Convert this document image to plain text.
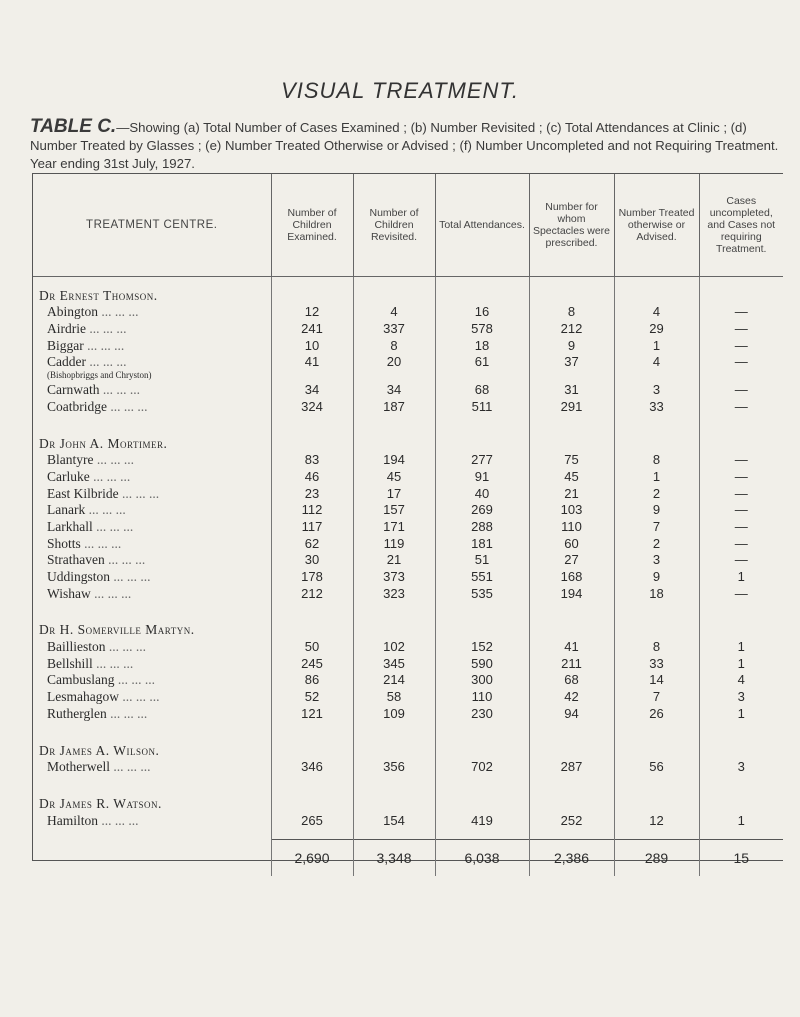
VISUAL TREATMENT.
TABLE C.—Showing (a) Total Number of Cases Examined ; (b) Number Revisited ; (c) Total Attendances at Clinic ; (d) Number Treated by Glasses ; (e) Number Treated Otherwise or Advised ; (f) Number Uncompleted and not Requiring Treatment. Year ending 31st July, 1927.
TREATMENT CENTRE.	Number of Children Examined.	Number of Children Revisited.	Total Attendances.	Number for whom Spectacles were prescribed.	Number Treated otherwise or Advised.	Cases uncompleted, and Cases not requiring Treatment.

Dr Ernest Thomson.						
Abington ... ... ...	12	4	16	8	4	—
Airdrie ... ... ...	241	337	578	212	29	—
Biggar ... ... ...	10	8	18	9	1	—
Cadder ... ... ...	41	20	61	37	4	—
(Bishopbriggs and Chryston)						
Carnwath ... ... ...	34	34	68	31	3	—
Coatbridge ... ... ...	324	187	511	291	33	—

Dr John A. Mortimer.						
Blantyre ... ... ...	83	194	277	75	8	—
Carluke ... ... ...	46	45	91	45	1	—
East Kilbride ... ... ...	23	17	40	21	2	—
Lanark ... ... ...	112	157	269	103	9	—
Larkhall ... ... ...	117	171	288	110	7	—
Shotts ... ... ...	62	119	181	60	2	—
Strathaven ... ... ...	30	21	51	27	3	—
Uddingston ... ... ...	178	373	551	168	9	1
Wishaw ... ... ...	212	323	535	194	18	—

Dr H. Somerville Martyn.						
Baillieston ... ... ...	50	102	152	41	8	1
Bellshill ... ... ...	245	345	590	211	33	1
Cambuslang ... ... ...	86	214	300	68	14	4
Lesmahagow ... ... ...	52	58	110	42	7	3
Rutherglen ... ... ...	121	109	230	94	26	1

Dr James A. Wilson.						
Motherwell ... ... ...	346	356	702	287	56	3

Dr James R. Watson.						
Hamilton ... ... ...	265	154	419	252	12	1

	2,690	3,348	6,038	2,386	289	15
